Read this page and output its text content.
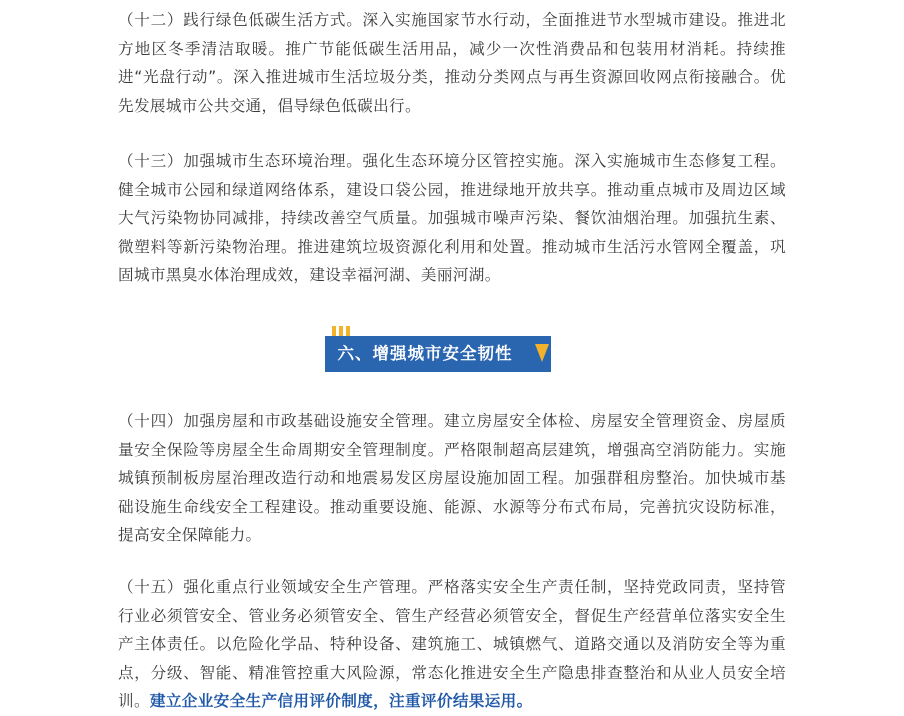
（十二）践行绿色低碳生活方式。深入实施国家节水行动，全面推进节水型城市建设。推进北方地区冬季清洁取暖。推广节能低碳生活用品，减少一次性消费品和包装用材消耗。持续推进“光盘行动”。深入推进城市生活垃圾分类，推动分类网点与再生资源回收网点衔接融合。优先发展城市公共交通，倡导绿色低碳出行。

（十三）加强城市生态环境治理。强化生态环境分区管控实施。深入实施城市生态修复工程。健全城市公园和绿道网络体系，建设口袋公园，推进绿地开放共享。推动重点城市及周边区域大气污染物协同减排，持续改善空气质量。加强城市噪声污染、餐饮油烟治理。加强抗生素、微塑料等新污染物治理。推进建筑垃圾资源化利用和处置。推动城市生活污水管网全覆盖，巩固城市黑臭水体治理成效，建设幸福河湖、美丽河湖。

六、增强城市安全韧性

（十四）加强房屋和市政基础设施安全管理。建立房屋安全体检、房屋安全管理资金、房屋质量安全保险等房屋全生命周期安全管理制度。严格限制超高层建筑，增强高空消防能力。实施城镇预制板房屋治理改造行动和地震易发区房屋设施加固工程。加强群租房整治。加快城市基础设施生命线安全工程建设。推动重要设施、能源、水源等分布式布局，完善抗灾设防标准，提高安全保障能力。

（十五）强化重点行业领域安全生产管理。严格落实安全生产责任制，坚持党政同责，坚持管行业必须管安全、管业务必须管安全、管生产经营必须管安全，督促生产经营单位落实安全生产主体责任。以危险化学品、特种设备、建筑施工、城镇燃气、道路交通以及消防安全等为重点，分级、智能、精准管控重大风险源，常态化推进安全生产隐患排查整治和从业人员安全培训。建立企业安全生产信用评价制度，注重评价结果运用。
